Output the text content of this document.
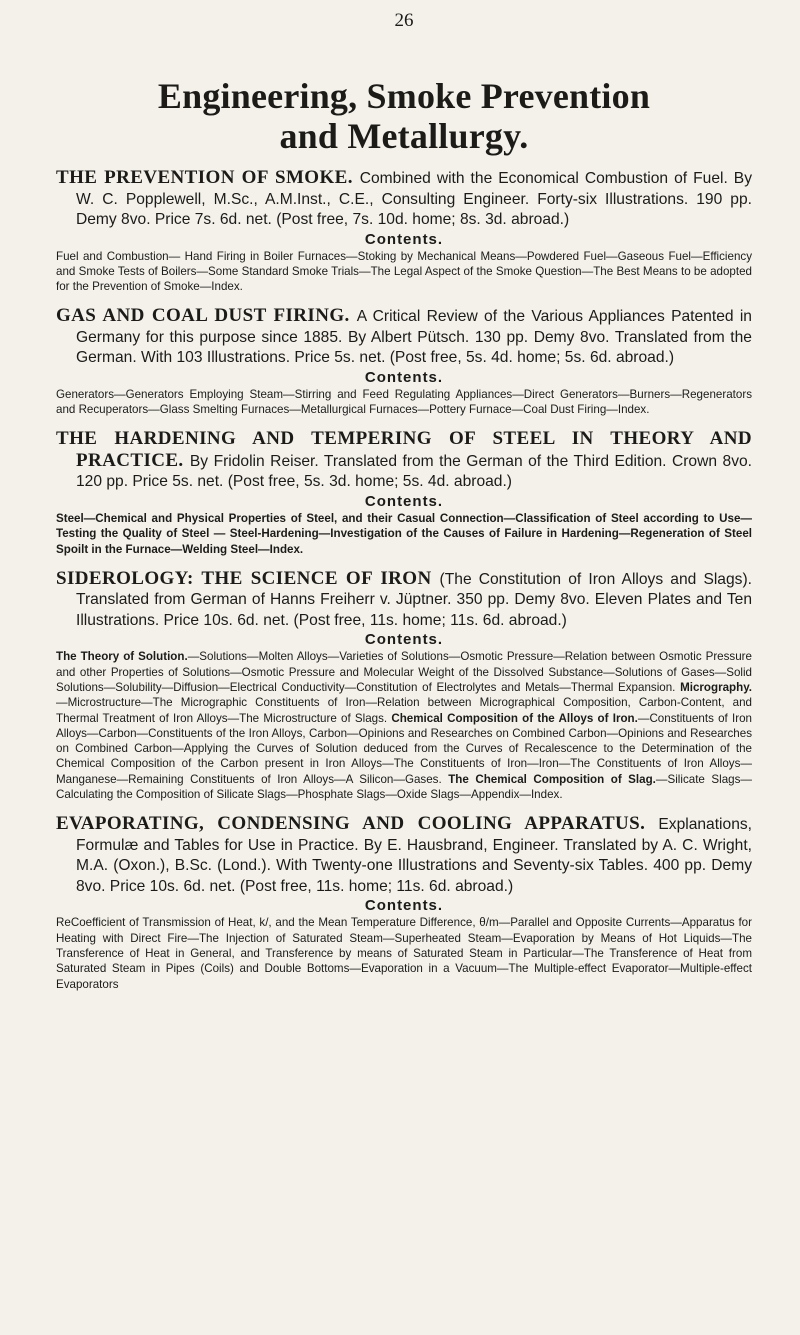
26
Engineering, Smoke Prevention
and Metallurgy.
THE PREVENTION OF SMOKE. Combined with the Economical Combustion of Fuel. By W. C. Popplewell, M.Sc., A.M.Inst., C.E., Consulting Engineer. Forty-six Illustrations. 190 pp. Demy 8vo. Price 7s. 6d. net. (Post free, 7s. 10d. home; 8s. 3d. abroad.)
Contents.
Fuel and Combustion— Hand Firing in Boiler Furnaces—Stoking by Mechanical Means—Powdered Fuel—Gaseous Fuel—Efficiency and Smoke Tests of Boilers—Some Standard Smoke Trials—The Legal Aspect of the Smoke Question—The Best Means to be adopted for the Prevention of Smoke—Index.
GAS AND COAL DUST FIRING. A Critical Review of the Various Appliances Patented in Germany for this purpose since 1885. By Albert Pütsch. 130 pp. Demy 8vo. Translated from the German. With 103 Illustrations. Price 5s. net. (Post free, 5s. 4d. home; 5s. 6d. abroad.)
Contents.
Generators—Generators Employing Steam—Stirring and Feed Regulating Appliances—Direct Generators—Burners—Regenerators and Recuperators—Glass Smelting Furnaces—Metallurgical Furnaces—Pottery Furnace—Coal Dust Firing—Index.
THE HARDENING AND TEMPERING OF STEEL IN THEORY AND PRACTICE. By Fridolin Reiser. Translated from the German of the Third Edition. Crown 8vo. 120 pp. Price 5s. net. (Post free, 5s. 3d. home; 5s. 4d. abroad.)
Contents.
Steel—Chemical and Physical Properties of Steel, and their Casual Connection—Classification of Steel according to Use—Testing the Quality of Steel — Steel-Hardening—Investigation of the Causes of Failure in Hardening—Regeneration of Steel Spoilt in the Furnace—Welding Steel—Index.
SIDEROLOGY: THE SCIENCE OF IRON (The Constitution of Iron Alloys and Slags). Translated from German of Hanns Freiherr v. Jüptner. 350 pp. Demy 8vo. Eleven Plates and Ten Illustrations. Price 10s. 6d. net. (Post free, 11s. home; 11s. 6d. abroad.)
Contents.
The Theory of Solution.—Solutions—Molten Alloys—Varieties of Solutions—Osmotic Pressure—Relation between Osmotic Pressure and other Properties of Solutions—Osmotic Pressure and Molecular Weight of the Dissolved Substance—Solutions of Gases—Solid Solutions—Solubility—Diffusion—Electrical Conductivity—Constitution of Electrolytes and Metals—Thermal Expansion. Micrography.—Microstructure—The Micrographic Constituents of Iron—Relation between Micrographical Composition, Carbon-Content, and Thermal Treatment of Iron Alloys—The Microstructure of Slags. Chemical Composition of the Alloys of Iron.—Constituents of Iron Alloys—Carbon—Constituents of the Iron Alloys, Carbon—Opinions and Researches on Combined Carbon—Opinions and Researches on Combined Carbon—Applying the Curves of Solution deduced from the Curves of Recalescence to the Determination of the Chemical Composition of the Carbon present in Iron Alloys—The Constituents of Iron—Iron—The Constituents of Iron Alloys—Manganese—Remaining Constituents of Iron Alloys—A Silicon—Gases. The Chemical Composition of Slag.—Silicate Slags—Calculating the Composition of Silicate Slags—Phosphate Slags—Oxide Slags—Appendix—Index.
EVAPORATING, CONDENSING AND COOLING APPARATUS. Explanations, Formulæ and Tables for Use in Practice. By E. Hausbrand, Engineer. Translated by A. C. Wright, M.A. (Oxon.), B.Sc. (Lond.). With Twenty-one Illustrations and Seventy-six Tables. 400 pp. Demy 8vo. Price 10s. 6d. net. (Post free, 11s. home; 11s. 6d. abroad.)
Contents.
ReCoefficient of Transmission of Heat, k/, and the Mean Temperature Difference, θ/m—Parallel and Opposite Currents—Apparatus for Heating with Direct Fire—The Injection of Saturated Steam—Superheated Steam—Evaporation by Means of Hot Liquids—The Transference of Heat in General, and Transference by means of Saturated Steam in Particular—The Transference of Heat from Saturated Steam in Pipes (Coils) and Double Bottoms—Evaporation in a Vacuum—The Multiple-effect Evaporator—Multiple-effect Evaporators
